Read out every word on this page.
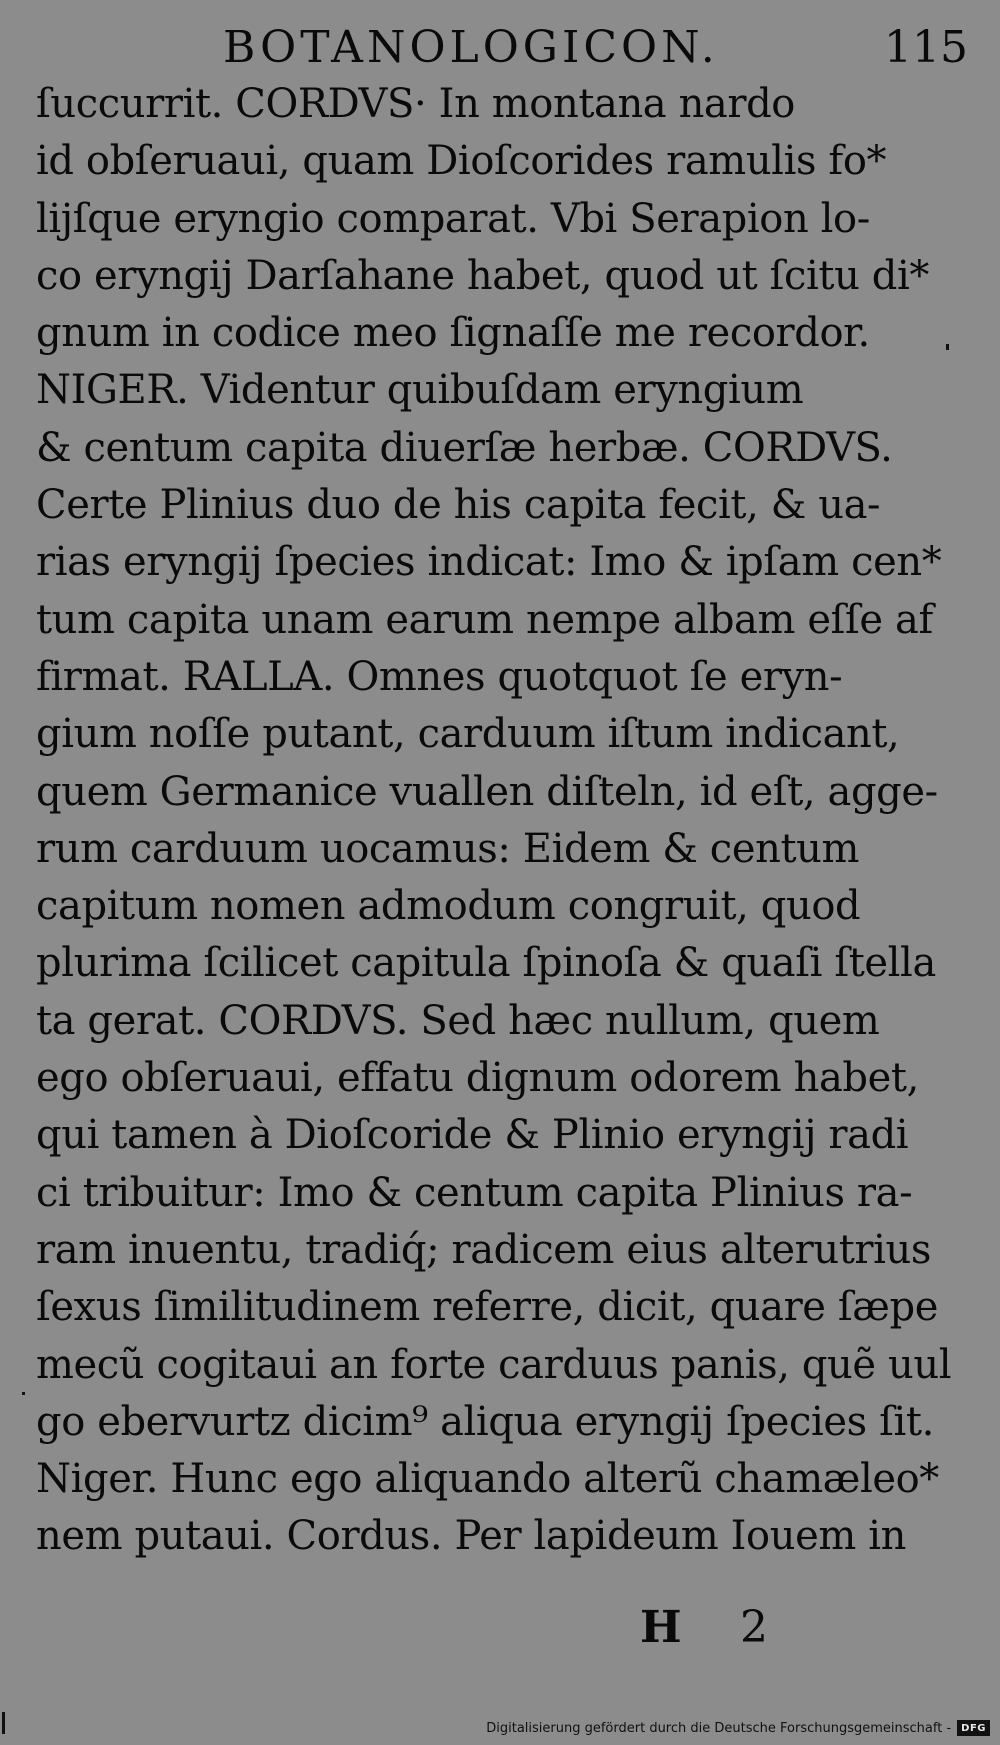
BOTANOLOGICON.	115
ſuccurrit. CORDVS· In montana nardo
id obſeruaui, quam Dioſcorides ramulis fo*
lijſque eryngio comparat. Vbi Serapion lo-
co eryngij Darſahane habet, quod ut ſcitu di*
gnum in codice meo ſignaſſe me recordor.
NIGER. Videntur quibuſdam eryngium
& centum capita diuerſæ herbæ. CORDVS.
Certe Plinius duo de his capita fecit, & ua-
rias eryngij ſpecies indicat: Imo & ipſam cen*
tum capita unam earum nempe albam eſſe af
firmat. RALLA. Omnes quotquot ſe eryn-
gium noſſe putant, carduum iſtum indicant,
quem Germanice vuallen diſteln, id eſt, agge-
rum carduum uocamus: Eidem & centum
capitum nomen admodum congruit, quod
plurima ſcilicet capitula ſpinoſa & quaſi ſtella
ta gerat. CORDVS. Sed hæc nullum, quem
ego obſeruaui, effatu dignum odorem habet,
qui tamen à Dioſcoride & Plinio eryngij radi
ci tribuitur: Imo & centum capita Plinius ra-
ram inuentu, tradiq́; radicem eius alterutrius
ſexus ſimilitudinem referre, dicit, quare ſæpe
mecũ cogitaui an forte carduus panis, quẽ uul
go ebervurtz dicim⁹ aliqua eryngij ſpecies ſit.
Niger. Hunc ego aliquando alterũ chamæleo*
nem putaui. Cordus. Per lapideum Iouem in
H 2
Digitalisierung gefördert durch die Deutsche Forschungsgemeinschaft -	DFG
